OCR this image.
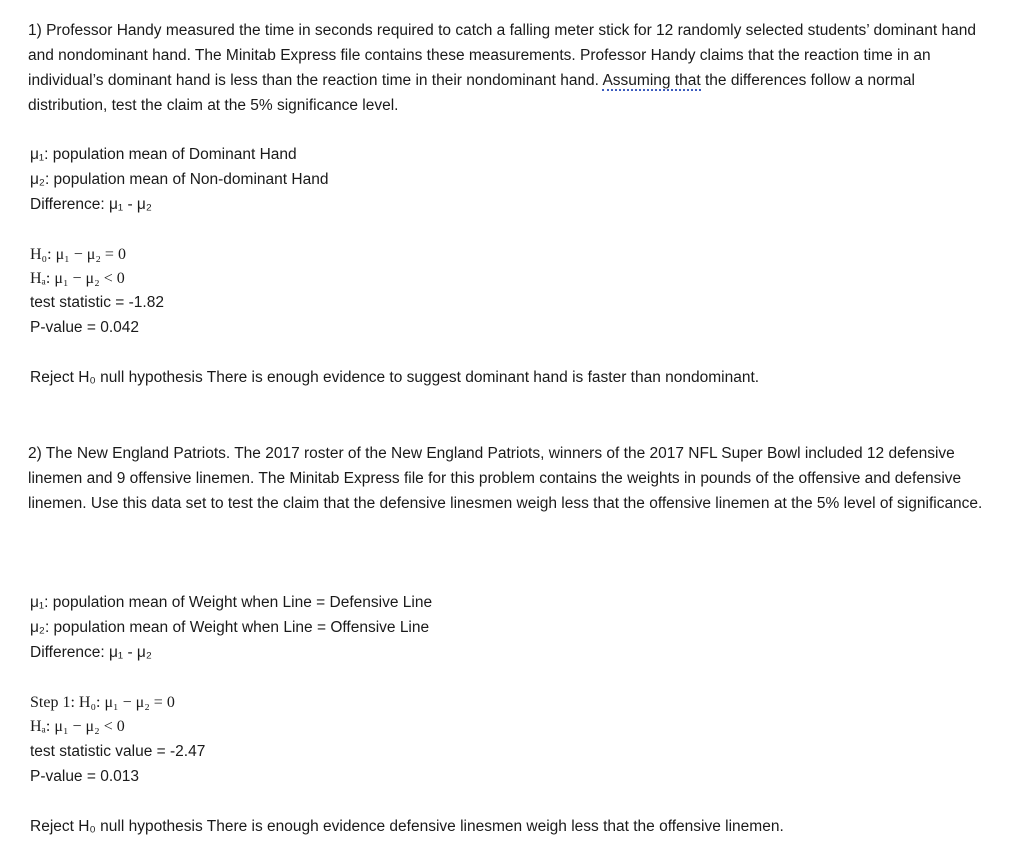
1) Professor Handy measured the time in seconds required to catch a falling meter stick for 12 randomly selected students’ dominant hand and nondominant hand. The Minitab Express file contains these measurements. Professor Handy claims that the reaction time in an individual’s dominant hand is less than the reaction time in their nondominant hand. Assuming that the differences follow a normal distribution, test the claim at the 5% significance level.

μ₁: population mean of Dominant Hand
μ₂: population mean of Non-dominant Hand
Difference: μ₁ - μ₂
H₀: μ₁ − μ₂ = 0
Hₐ: μ₁ − μ₂ < 0
test statistic = -1.82
P-value = 0.042
Reject H₀ null hypothesis There is enough evidence to suggest dominant hand is faster than nondominant.

2) The New England Patriots. The 2017 roster of the New England Patriots, winners of the 2017 NFL Super Bowl included 12 defensive linemen and 9 offensive linemen. The Minitab Express file for this problem contains the weights in pounds of the offensive and defensive linemen. Use this data set to test the claim that the defensive linesmen weigh less that the offensive linemen at the 5% level of significance.

μ₁: population mean of Weight when Line = Defensive Line
μ₂: population mean of Weight when Line = Offensive Line
Difference: μ₁ - μ₂
Step 1: H₀: μ₁ − μ₂ = 0
Hₐ: μ₁ − μ₂ < 0
test statistic value = -2.47
P-value = 0.013
Reject H₀ null hypothesis There is enough evidence defensive linesmen weigh less that the offensive linemen.
